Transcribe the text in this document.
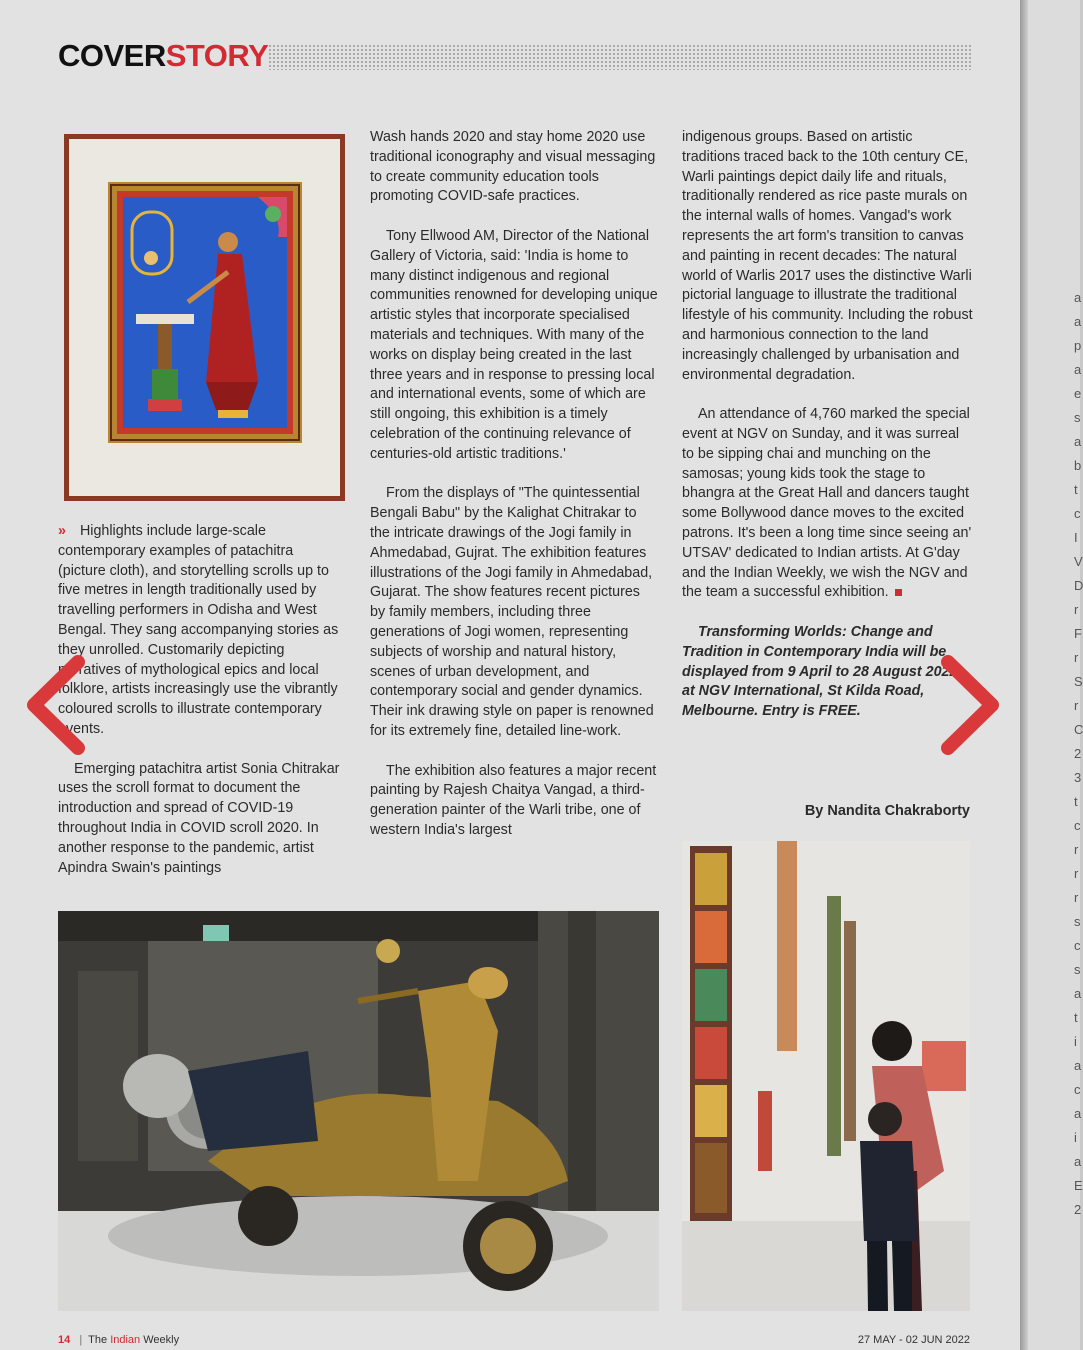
COVERSTORY

» Highlights include large-scale contemporary examples of patachitra (picture cloth), and storytelling scrolls up to five metres in length traditionally used by travelling performers in Odisha and West Bengal. They sang accompanying stories as they unrolled. Customarily depicting narratives of mythological epics and local folklore, artists increasingly use the vibrantly coloured scrolls to illustrate contemporary events.

Emerging patachitra artist Sonia Chitrakar uses the scroll format to document the introduction and spread of COVID-19 throughout India in COVID scroll 2020. In another response to the pandemic, artist Apindra Swain's paintings

Wash hands 2020 and stay home 2020 use traditional iconography and visual messaging to create community education tools promoting COVID-safe practices.

Tony Ellwood AM, Director of the National Gallery of Victoria, said: 'India is home to many distinct indigenous and regional communities renowned for developing unique artistic styles that incorporate specialised materials and techniques. With many of the works on display being created in the last three years and in response to pressing local and international events, some of which are still ongoing, this exhibition is a timely celebration of the continuing relevance of centuries-old artistic traditions.'

From the displays of "The quintessential Bengali Babu" by the Kalighat Chitrakar to the intricate drawings of the Jogi family in Ahmedabad, Gujrat. The exhibition features illustrations of the Jogi family in Ahmedabad, Gujarat. The show features recent pictures by family members, including three generations of Jogi women, representing subjects of worship and natural history, scenes of urban development, and contemporary social and gender dynamics. Their ink drawing style on paper is renowned for its extremely fine, detailed line-work.

The exhibition also features a major recent painting by Rajesh Chaitya Vangad, a third-generation painter of the Warli tribe, one of western India's largest

indigenous groups. Based on artistic traditions traced back to the 10th century CE, Warli paintings depict daily life and rituals, traditionally rendered as rice paste murals on the internal walls of homes. Vangad's work represents the art form's transition to canvas and painting in recent decades: The natural world of Warlis 2017 uses the distinctive Warli pictorial language to illustrate the traditional lifestyle of his community. Including the robust and harmonious connection to the land increasingly challenged by urbanisation and environmental degradation.

An attendance of 4,760 marked the special event at NGV on Sunday, and it was surreal to be sipping chai and munching on the samosas; young kids took the stage to bhangra at the Great Hall and dancers taught some Bollywood dance moves to the excited patrons. It's been a long time since seeing an' UTSAV' dedicated to Indian artists. At G'day and the Indian Weekly, we wish the NGV and the team a successful exhibition.

Transforming Worlds: Change and Tradition in Contemporary India will be displayed from 9 April to 28 August 2022 at NGV International, St Kilda Road, Melbourne. Entry is FREE.

By Nandita Chakraborty
14 | The Indian Weekly	27 MAY - 02 JUN 2022
a
a
p
a
e
s
a
b
t
c
I
V
D
r
F
r
S
r
C
2
3
t
c
r
r
r
s
c
s
a
t
i
a
c
a
i
a
E
2
